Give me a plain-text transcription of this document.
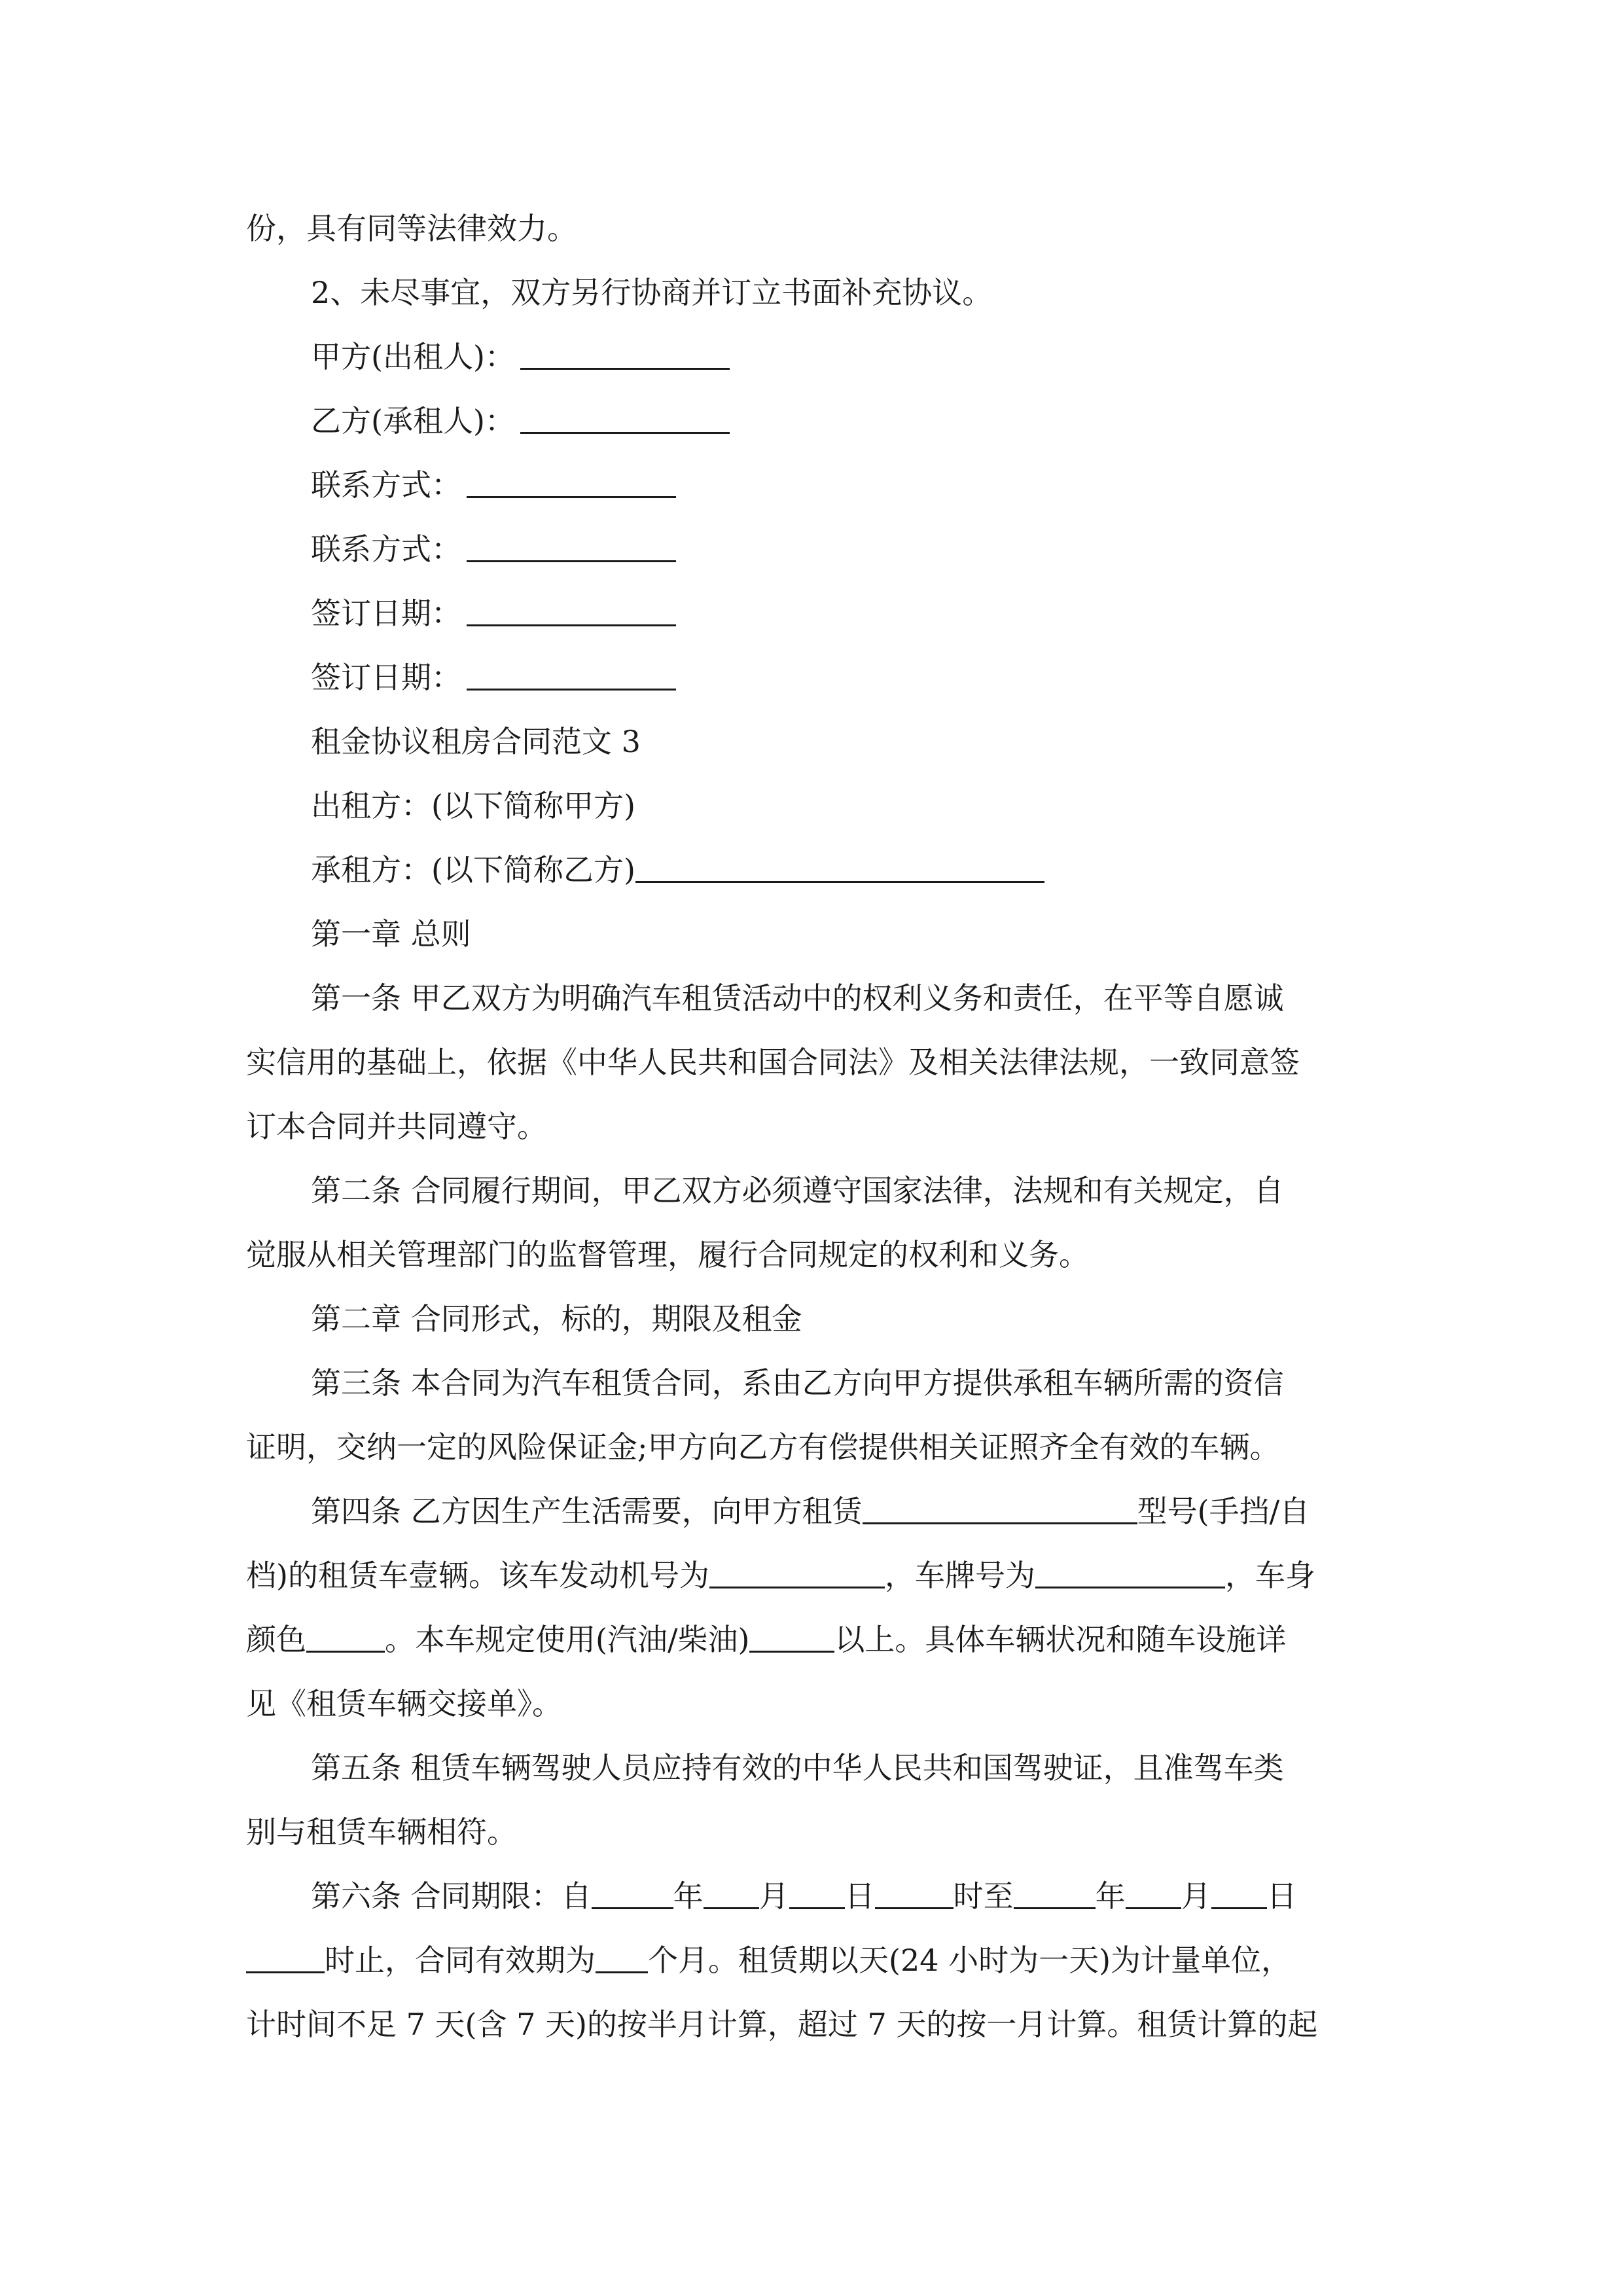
份，具有同等法律效力。
2、未尽事宜，双方另行协商并订立书面补充协议。
甲方(出租人)：
乙方(承租人)：
联系方式：
联系方式：
签订日期：
签订日期：
租金协议租房合同范文 3
出租方：(以下简称甲方)
承租方：(以下简称乙方)
第一章 总则
第一条 甲乙双方为明确汽车租赁活动中的权利义务和责任，在平等自愿诚
实信用的基础上，依据《中华人民共和国合同法》及相关法律法规，一致同意签
订本合同并共同遵守。
第二条 合同履行期间，甲乙双方必须遵守国家法律，法规和有关规定，自
觉服从相关管理部门的监督管理，履行合同规定的权利和义务。
第二章 合同形式，标的，期限及租金
第三条 本合同为汽车租赁合同，系由乙方向甲方提供承租车辆所需的资信
证明，交纳一定的风险保证金;甲方向乙方有偿提供相关证照齐全有效的车辆。
第四条 乙方因生产生活需要，向甲方租赁	型号(手挡/自
档)的租赁车壹辆。该车发动机号为	，车牌号为	，车身
颜色	。本车规定使用(汽油/柴油)	以上。具体车辆状况和随车设施详
见《租赁车辆交接单》。
第五条 租赁车辆驾驶人员应持有效的中华人民共和国驾驶证，且准驾车类
别与租赁车辆相符。
第六条 合同期限：自	年 月 日	时至	年 月 日
时止，合同有效期为 个月。租赁期以天(24 小时为一天)为计量单位，
计时间不足 7 天(含 7 天)的按半月计算，超过 7 天的按一月计算。租赁计算的起
